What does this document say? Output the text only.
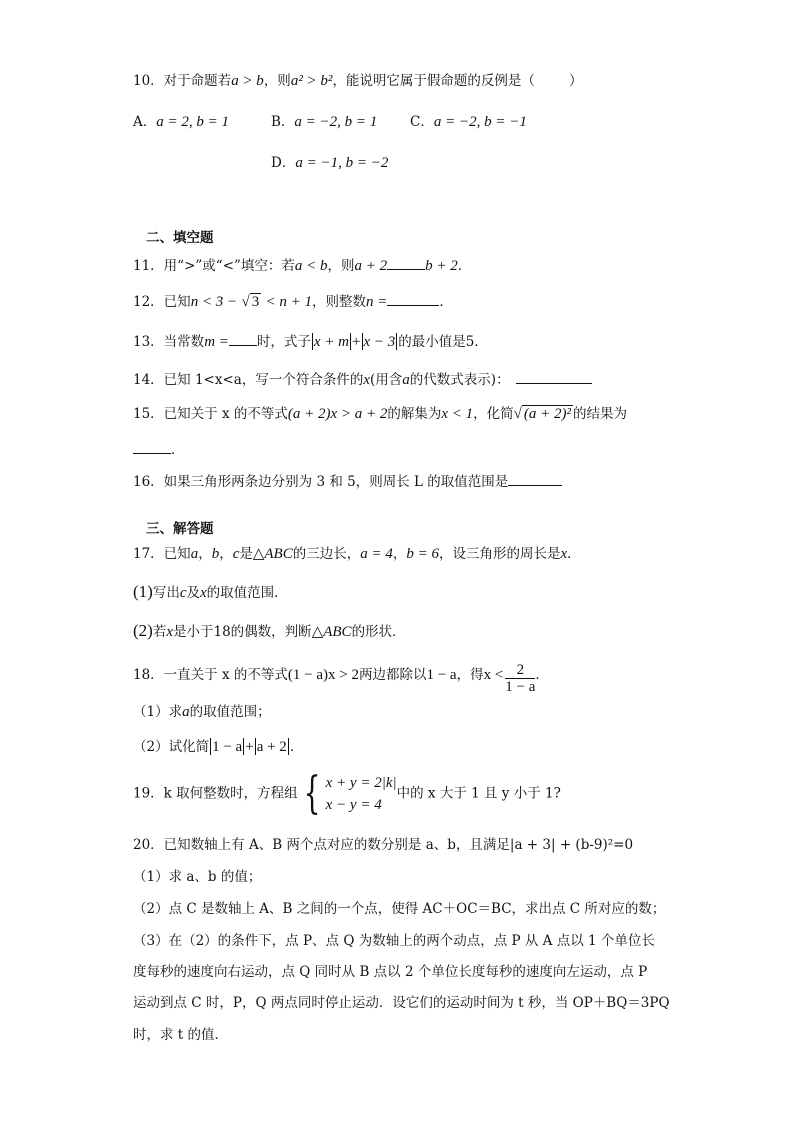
10．对于命题若a > b，则a² > b²，能说明它属于假命题的反例是（	）
A．a = 2, b = 1	B．a = −2, b = 1 C．a = −2, b = −1
D．a = −1, b = −2
二、填空题
11．用“>”或“<”填空：若a < b，则a + 2	b + 2．
12．已知n < 3 − √ 3 < n + 1，则整数n =	．
13．当常数m = 时，式子 x + m + x − 3 的最小值是5．
14．已知 1<x<a，写一个符合条件的x(用含a的代数式表示)：
15．已知关于 x 的不等式(a + 2)x > a + 2的解集为x < 1，化简√ (a + 2)² 的结果为
．
16．如果三角形两条边分别为 3 和 5，则周长 L 的取值范围是
三、解答题
17．已知a，b，c是△ABC的三边长，a = 4，b = 6，设三角形的周长是x．
(1)写出c及x的取值范围．
(2)若x是小于18的偶数，判断△ABC的形状．
18．一直关于 x 的不等式(1 − a)x > 2两边都除以1 − a，得$x < \frac{2}{1 - a}$ ．
（1）求a的取值范围；
（2）试化简 1 − a + a + 2 ．
19．k 取何整数时，方程组 { x + y = 2|k|
x − y = 4
中的 x 大于 1 且 y 小于 1?
20．已知数轴上有 A、B 两个点对应的数分别是 a、b，且满足|a + 3| + (b-9)²=0
（1）求 a、b 的值；
（2）点 C 是数轴上 A、B 之间的一个点，使得 AC＋OC＝BC，求出点 C 所对应的数；
（3）在（2）的条件下，点 P、点 Q 为数轴上的两个动点，点 P 从 A 点以 1 个单位长
度每秒的速度向右运动，点 Q 同时从 B 点以 2 个单位长度每秒的速度向左运动，点 P
运动到点 C 时，P，Q 两点同时停止运动．设它们的运动时间为 t 秒，当 OP＋BQ＝3PQ
时，求 t 的值．
